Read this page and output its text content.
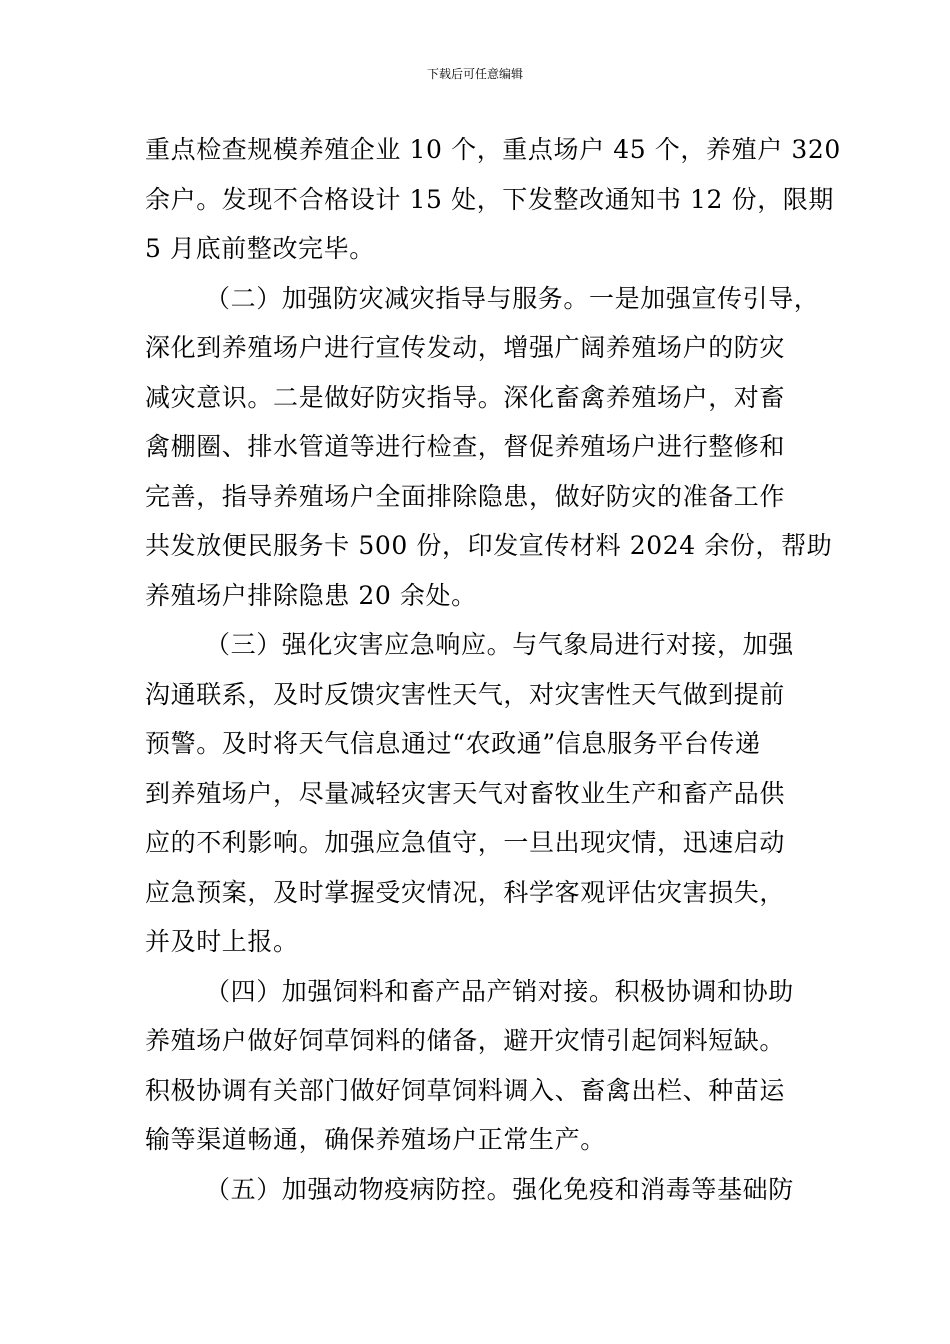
下载后可任意编辑
重点检查规模养殖企业 10 个，重点场户 45 个，养殖户 320
余户。发现不合格设计 15 处，下发整改通知书 12 份，限期
5 月底前整改完毕。
（二）加强防灾减灾指导与服务。一是加强宣传引导，
深化到养殖场户进行宣传发动，增强广阔养殖场户的防灾
减灾意识。二是做好防灾指导。深化畜禽养殖场户，对畜
禽棚圈、排水管道等进行检查，督促养殖场户进行整修和
完善，指导养殖场户全面排除隐患，做好防灾的准备工作
共发放便民服务卡 500 份，印发宣传材料 2024 余份，帮助
养殖场户排除隐患 20 余处。
（三）强化灾害应急响应。与气象局进行对接，加强
沟通联系，及时反馈灾害性天气，对灾害性天气做到提前
预警。及时将天气信息通过“农政通”信息服务平台传递
到养殖场户，尽量减轻灾害天气对畜牧业生产和畜产品供
应的不利影响。加强应急值守，一旦出现灾情，迅速启动
应急预案，及时掌握受灾情况，科学客观评估灾害损失，
并及时上报。
（四）加强饲料和畜产品产销对接。积极协调和协助
养殖场户做好饲草饲料的储备，避开灾情引起饲料短缺。
积极协调有关部门做好饲草饲料调入、畜禽出栏、种苗运
输等渠道畅通，确保养殖场户正常生产。
（五）加强动物疫病防控。强化免疫和消毒等基础防
